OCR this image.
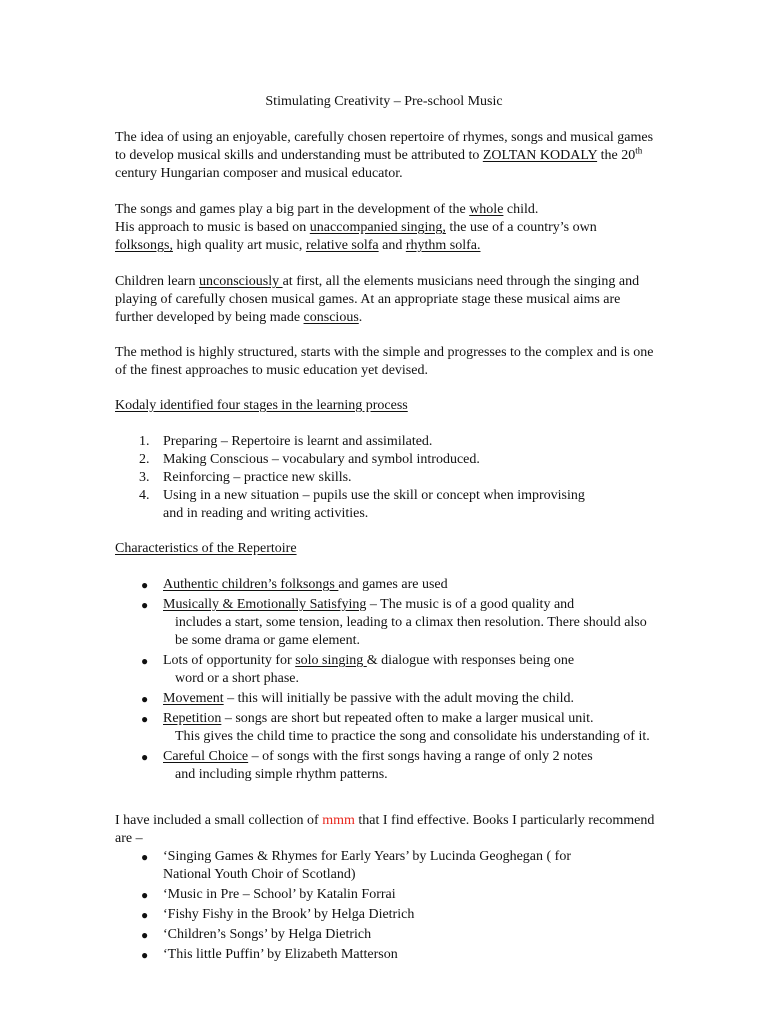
Stimulating Creativity – Pre-school Music
The idea of using an enjoyable, carefully chosen repertoire of rhymes, songs and musical games to develop musical skills and understanding must be attributed to ZOLTAN KODALY the 20th century Hungarian composer and musical educator.
The songs and games play a big part in the development of the whole child.
His approach to music is based on unaccompanied singing, the use of a country’s own
folksongs, high quality art music, relative solfa and rhythm solfa.
Children learn unconsciously at first, all the elements musicians need through the singing and playing of carefully chosen musical games. At an appropriate stage these musical aims are further developed by being made conscious.
The method is highly structured, starts with the simple and progresses to the complex and is one of the finest approaches to music education yet devised.
Kodaly identified four stages in the learning process
1. Preparing – Repertoire is learnt and assimilated.
2. Making Conscious – vocabulary and symbol introduced.
3. Reinforcing – practice new skills.
4. Using in a new situation – pupils use the skill or concept when improvising
and in reading and writing activities.
Characteristics of the Repertoire
● Authentic children’s folksongs and games are used
● Musically & Emotionally Satisfying – The music is of a good quality and
includes a start, some tension, leading to a climax then resolution. There should also be some drama or game element.
● Lots of opportunity for solo singing & dialogue with responses being one
word or a short phase.
● Movement – this will initially be passive with the adult moving the child.
● Repetition – songs are short but repeated often to make a larger musical unit.
This gives the child time to practice the song and consolidate his understanding of it.
● Careful Choice – of songs with the first songs having a range of only 2 notes
and including simple rhythm patterns.
I have included a small collection of mmm that I find effective. Books I particularly recommend are –
● ‘Singing Games & Rhymes for Early Years’ by Lucinda Geoghegan ( for
National Youth Choir of Scotland)
● ‘Music in Pre – School’ by Katalin Forrai
● ‘Fishy Fishy in the Brook’ by Helga Dietrich
● ‘Children’s Songs’ by Helga Dietrich
● ‘This little Puffin’ by Elizabeth Matterson
